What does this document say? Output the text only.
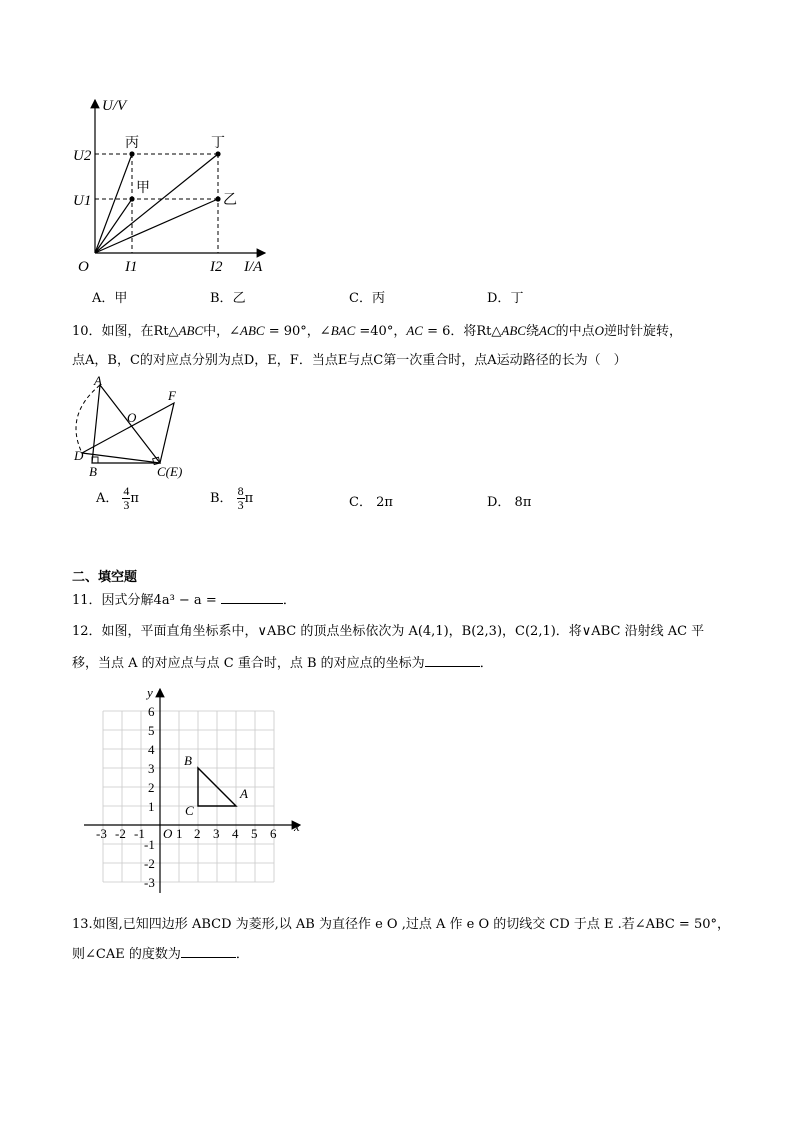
U/V
I/A
O
U2
U1
I1	I2
丙	丁
甲
乙
A．甲	B．乙	C．丙	D．丁
10．如图，在Rt△ABC中，∠ABC = 90°，∠BAC =40°，AC = 6．将Rt△ABC绕AC的中点O逆时针旋转，
点A，B，C的对应点分别为点D，E，F．当点E与点C第一次重合时，点A运动路径的长为（　）
A
O
F
D
B	C(E)
A． $\frac{4}{3}$ π	B． $\frac{8}{3}$ π	C． 2π	D． 8π
二、填空题
11．因式分解4a³ − a =	．
12．如图，平面直角坐标系中，∨ABC 的顶点坐标依次为 A(4,1)，B(2,3)，C(2,1)．将∨ABC 沿射线 AC 平
移，当点 A 的对应点与点 C 重合时，点 B 的对应点的坐标为	．
x
y
A
B
C
O
-3 -2 -1 1 2 3 4 5 6
6
5
4
3
2
1
-1
-2
-3
13.如图,已知四边形 ABCD 为菱形,以 AB 为直径作 e O ,过点 A 作 e O 的切线交 CD 于点 E .若∠ABC = 50°，
则∠CAE 的度数为	．
